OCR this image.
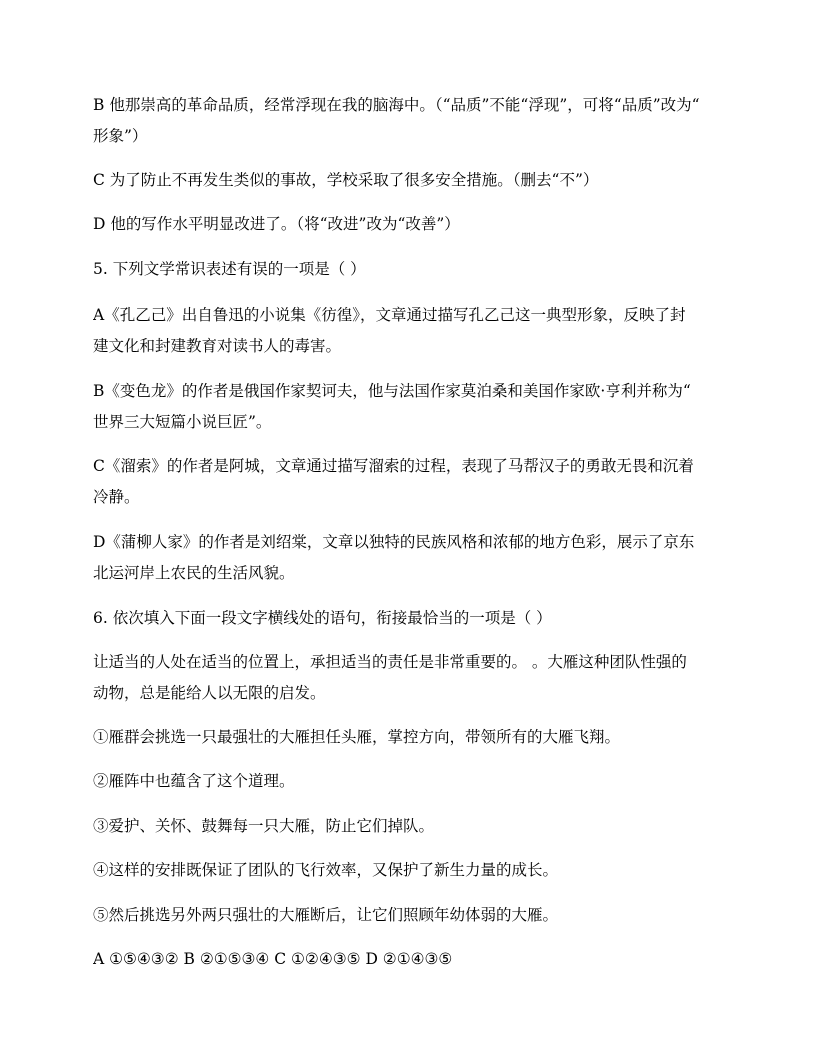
B 他那崇高的革命品质，经常浮现在我的脑海中。（“品质”不能“浮现”，可将“品质”改为“
形象”）
C 为了防止不再发生类似的事故，学校采取了很多安全措施。（删去“不”）
D 他的写作水平明显改进了。（将“改进”改为“改善”）
5. 下列文学常识表述有误的一项是（ ）
A《孔乙己》出自鲁迅的小说集《彷徨》，文章通过描写孔乙己这一典型形象，反映了封
建文化和封建教育对读书人的毒害。
B《变色龙》的作者是俄国作家契诃夫，他与法国作家莫泊桑和美国作家欧·亨利并称为“
世界三大短篇小说巨匠”。
C《溜索》的作者是阿城，文章通过描写溜索的过程，表现了马帮汉子的勇敢无畏和沉着
冷静。
D《蒲柳人家》的作者是刘绍棠，文章以独特的民族风格和浓郁的地方色彩，展示了京东
北运河岸上农民的生活风貌。
6. 依次填入下面一段文字横线处的语句，衔接最恰当的一项是（ ）
让适当的人处在适当的位置上，承担适当的责任是非常重要的。 。大雁这种团队性强的
动物，总是能给人以无限的启发。
①雁群会挑选一只最强壮的大雁担任头雁，掌控方向，带领所有的大雁飞翔。
②雁阵中也蕴含了这个道理。
③爱护、关怀、鼓舞每一只大雁，防止它们掉队。
④这样的安排既保证了团队的飞行效率，又保护了新生力量的成长。
⑤然后挑选另外两只强壮的大雁断后，让它们照顾年幼体弱的大雁。
A ①⑤④③② B ②①⑤③④ C ①②④③⑤ D ②①④③⑤
